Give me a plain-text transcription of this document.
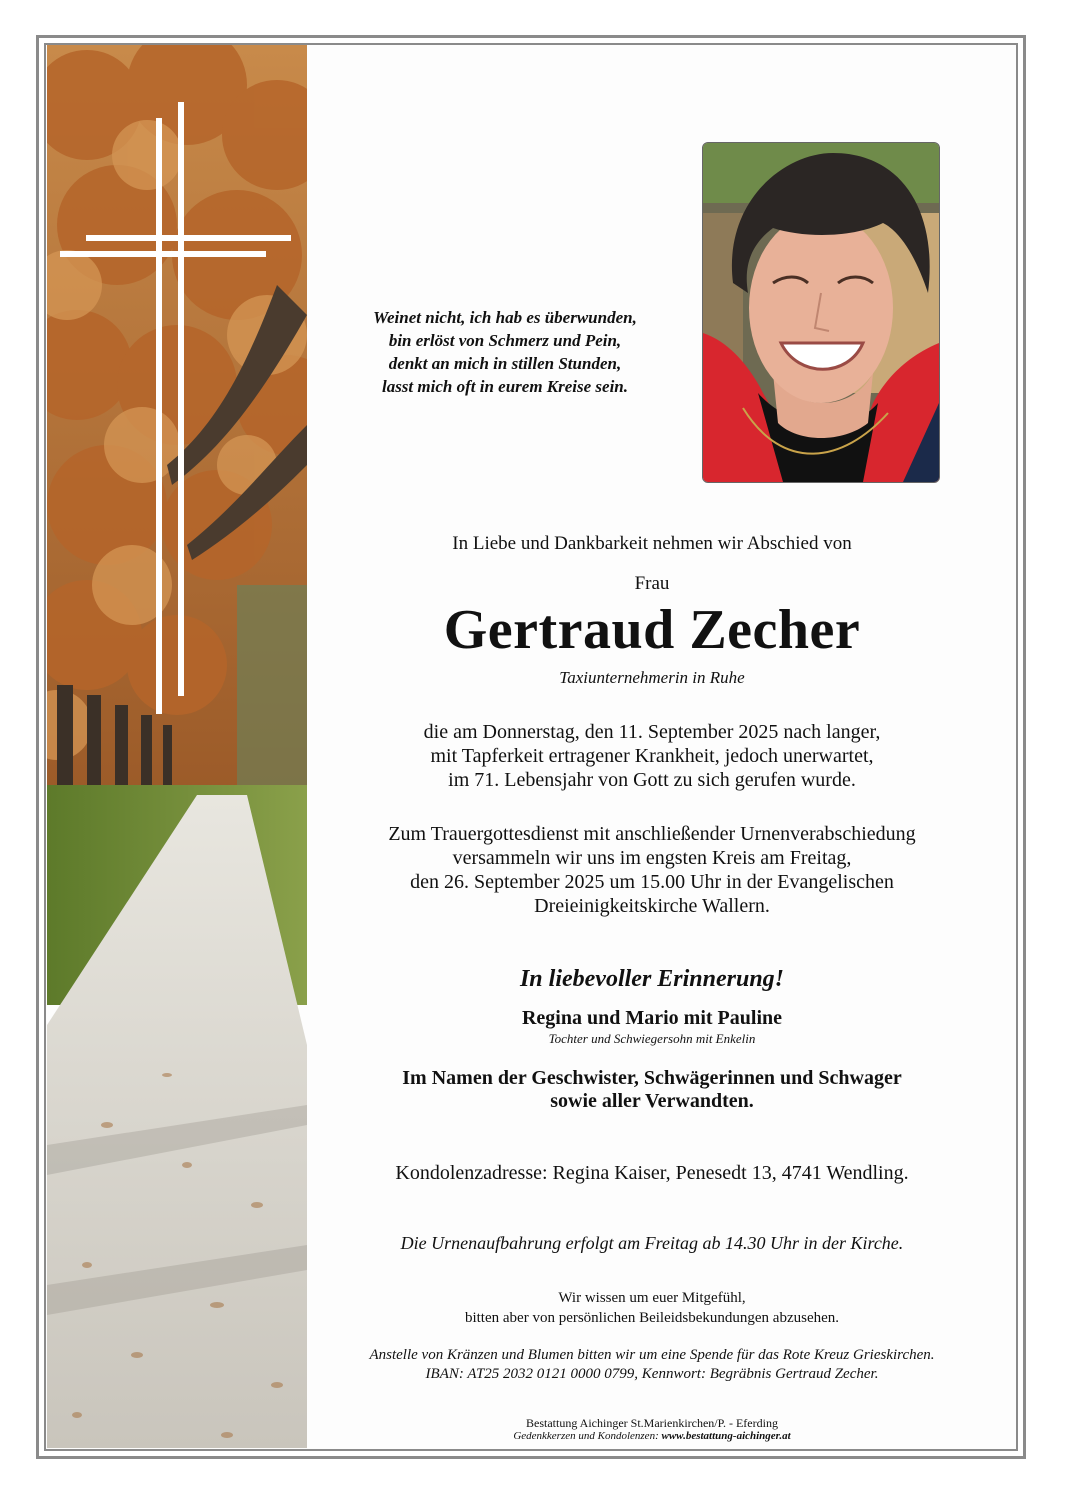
Weinet nicht, ich hab es überwunden,
bin erlöst von Schmerz und Pein,
denkt an mich in stillen Stunden,
lasst mich oft in eurem Kreise sein.
In Liebe und Dankbarkeit nehmen wir Abschied von
Frau
Gertraud Zecher
Taxiunternehmerin in Ruhe
die am Donnerstag, den 11. September 2025 nach langer,
mit Tapferkeit ertragener Krankheit, jedoch unerwartet,
im 71. Lebensjahr von Gott zu sich gerufen wurde.
Zum Trauergottesdienst mit anschließender Urnenverabschiedung
versammeln wir uns im engsten Kreis am Freitag,
den 26. September 2025 um 15.00 Uhr in der Evangelischen
Dreieinigkeitskirche Wallern.
In liebevoller Erinnerung!
Regina und Mario mit Pauline
Tochter und Schwiegersohn mit Enkelin
Im Namen der Geschwister, Schwägerinnen und Schwager
sowie aller Verwandten.
Kondolenzadresse: Regina Kaiser, Penesedt 13, 4741 Wendling.
Die Urnenaufbahrung erfolgt am Freitag ab 14.30 Uhr in der Kirche.
Wir wissen um euer Mitgefühl,
bitten aber von persönlichen Beileidsbekundungen abzusehen.
Anstelle von Kränzen und Blumen bitten wir um eine Spende für das Rote Kreuz Grieskirchen.
IBAN: AT25 2032 0121 0000 0799, Kennwort: Begräbnis Gertraud Zecher.
Bestattung Aichinger St.Marienkirchen/P. - Eferding
Gedenkkerzen und Kondolenzen: www.bestattung-aichinger.at
